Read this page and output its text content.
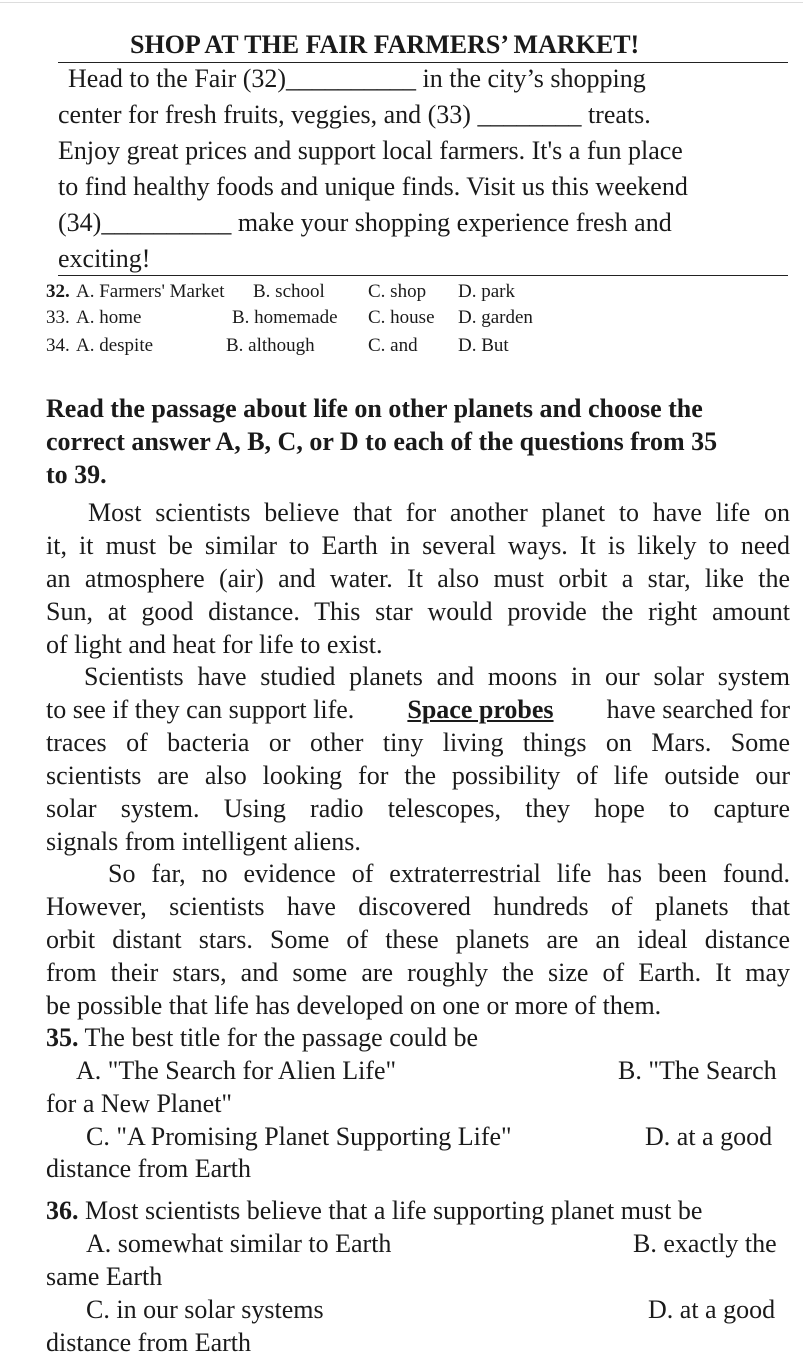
SHOP AT THE FAIR FARMERS’ MARKET!
Head to the Fair (32)__________ in the city’s shopping
center for fresh fruits, veggies, and (33) ________ treats.
Enjoy great prices and support local farmers. It's a fun place
to find healthy foods and unique finds. Visit us this weekend
(34)__________ make your shopping experience fresh and
exciting!
32. A. Farmers' Market B. school C. shop D. park
33. A. home	B. homemade C. house D. garden
34. A. despite	B. although	C. and D. But
Read the passage about life on other planets and choose the
correct answer A, B, C, or D to each of the questions from 35
to 39.
Most scientists believe that for another planet to have life on
it, it must be similar to Earth in several ways. It is likely to need
an atmosphere (air) and water. It also must orbit a star, like the
Sun, at good distance. This star would provide the right amount
of light and heat for life to exist.
Scientists have studied planets and moons in our solar system
to see if they can support life. Space probes have searched for
traces of bacteria or other tiny living things on Mars. Some
scientists are also looking for the possibility of life outside our
solar system. Using radio telescopes, they hope to capture
signals from intelligent aliens.
So far, no evidence of extraterrestrial life has been found.
However, scientists have discovered hundreds of planets that
orbit distant stars. Some of these planets are an ideal distance
from their stars, and some are roughly the size of Earth. It may
be possible that life has developed on one or more of them.
35. The best title for the passage could be
A. "The Search for Alien Life"	B. "The Search
for a New Planet"
C. "A Promising Planet Supporting Life"	D. at a good
distance from Earth
36. Most scientists believe that a life supporting planet must be
A. somewhat similar to Earth	B. exactly the
same Earth
C. in our solar systems	D. at a good
distance from Earth
